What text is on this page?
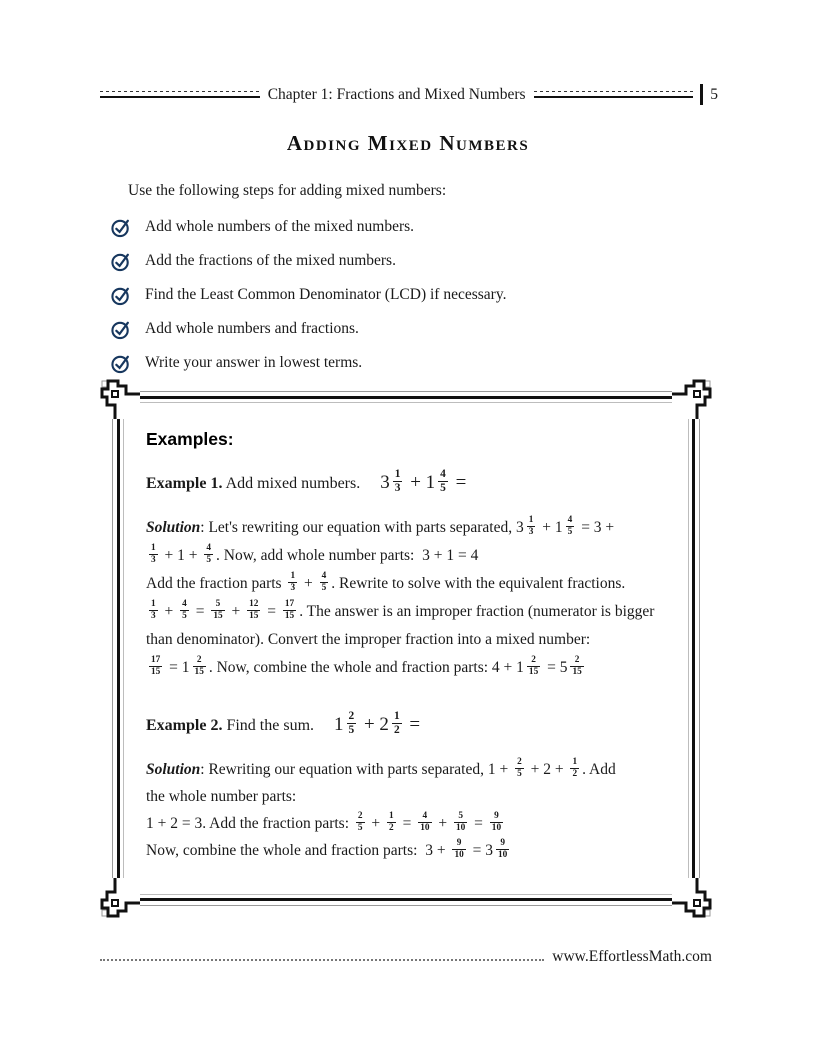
Chapter 1: Fractions and Mixed Numbers	5
Adding Mixed Numbers
Use the following steps for adding mixed numbers:
Add whole numbers of the mixed numbers.
Add the fractions of the mixed numbers.
Find the Least Common Denominator (LCD) if necessary.
Add whole numbers and fractions.
Write your answer in lowest terms.
Examples:
Example 1. Add mixed numbers. $3 \frac{1}{3} + 1 \frac{4}{5}$ =
Solution: Let's rewriting our equation with parts separated, $3 \frac{1}{3} + 1 \frac{4}{5} = 3$ +

$\frac{1}{3} + 1 + \frac{4}{5}$ . Now, add whole number parts:  3 + 1 = 4
Add the fraction parts $\frac{1}{3} + \frac{4}{5}$ . Rewrite to solve with the equivalent fractions.

$\frac{1}{3} + \frac{4}{5} = \frac{5}{15} + \frac{12}{15} = \frac{17}{15}$ . The answer is an improper fraction (numerator is bigger
than denominator). Convert the improper fraction into a mixed number:

$\frac{17}{15} = 1 \frac{2}{15}$ . Now, combine the whole and fraction parts: $4 + 1 \frac{2}{15} = 5 \frac{2}{15}$
Example 2. Find the sum. $1 \frac{2}{5} + 2 \frac{1}{2}$ =
Solution: Rewriting our equation with parts separated, $1 + \frac{2}{5} + 2 + \frac{1}{2}$ . Add
the whole number parts:
1 + 2 = 3. Add the fraction parts: $\frac{2}{5} + \frac{1}{2} = \frac{4}{10} + \frac{5}{10} = \frac{9}{10}$

Now, combine the whole and fraction parts:  $3 + \frac{9}{10} = 3 \frac{9}{10}$
www.EffortlessMath.com
